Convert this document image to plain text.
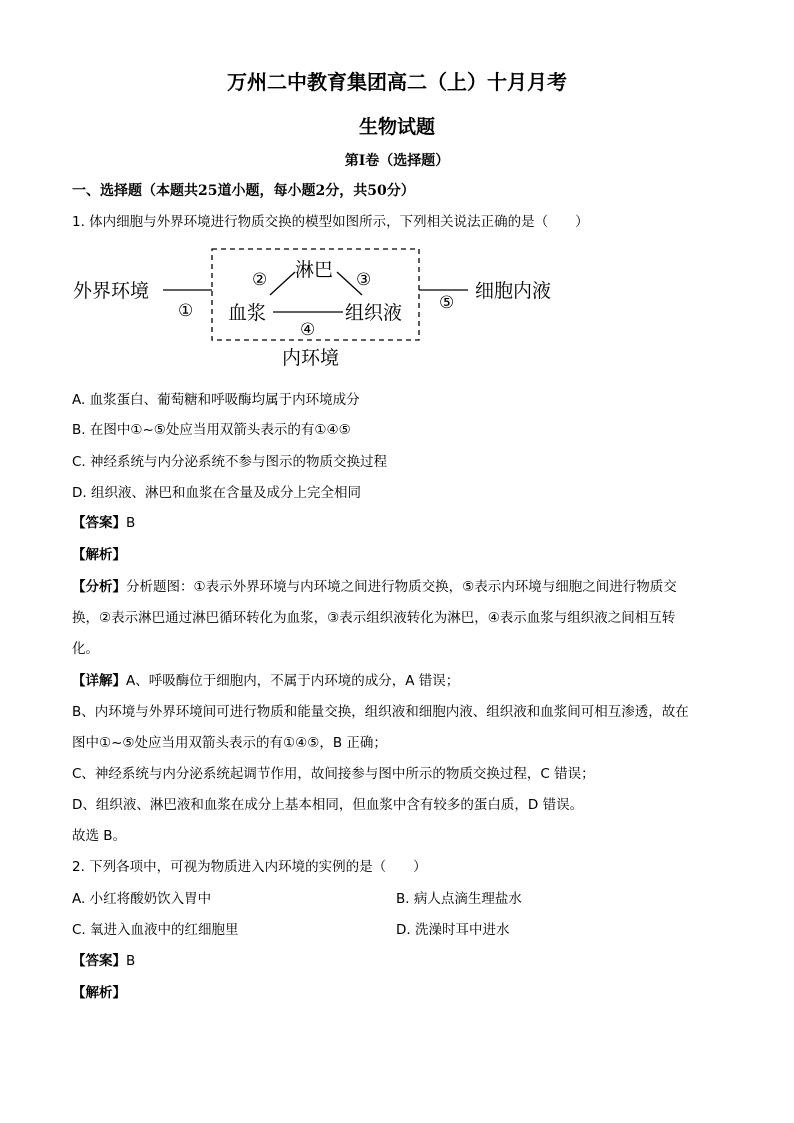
万州二中教育集团高二（上）十月月考
生物试题
第Ⅰ卷（选择题）
一、选择题（本题共25道小题，每小题2分，共50分）
1. 体内细胞与外界环境进行物质交换的模型如图所示，下列相关说法正确的是（　　）
外界环境
①
淋巴
②	③
血浆
④
组织液 ⑤
细胞内液
内环境
A. 血浆蛋白、葡萄糖和呼吸酶均属于内环境成分
B. 在图中①~⑤处应当用双箭头表示的有①④⑤
C. 神经系统与内分泌系统不参与图示的物质交换过程
D. 组织液、淋巴和血浆在含量及成分上完全相同
【答案】B
【解析】
【分析】分析题图：①表示外界环境与内环境之间进行物质交换，⑤表示内环境与细胞之间进行物质交
换，②表示淋巴通过淋巴循环转化为血浆，③表示组织液转化为淋巴，④表示血浆与组织液之间相互转
化。
【详解】A、呼吸酶位于细胞内，不属于内环境的成分，A 错误；
B、内环境与外界环境间可进行物质和能量交换，组织液和细胞内液、组织液和血浆间可相互渗透，故在
图中①~⑤处应当用双箭头表示的有①④⑤，B 正确；
C、神经系统与内分泌系统起调节作用，故间接参与图中所示的物质交换过程，C 错误；
D、组织液、淋巴液和血浆在成分上基本相同，但血浆中含有较多的蛋白质，D 错误。
故选 B。
2. 下列各项中，可视为物质进入内环境的实例的是（　　）
A. 小红将酸奶饮入胃中	B. 病人点滴生理盐水
C. 氧进入血液中的红细胞里	D. 洗澡时耳中进水
【答案】B
【解析】
